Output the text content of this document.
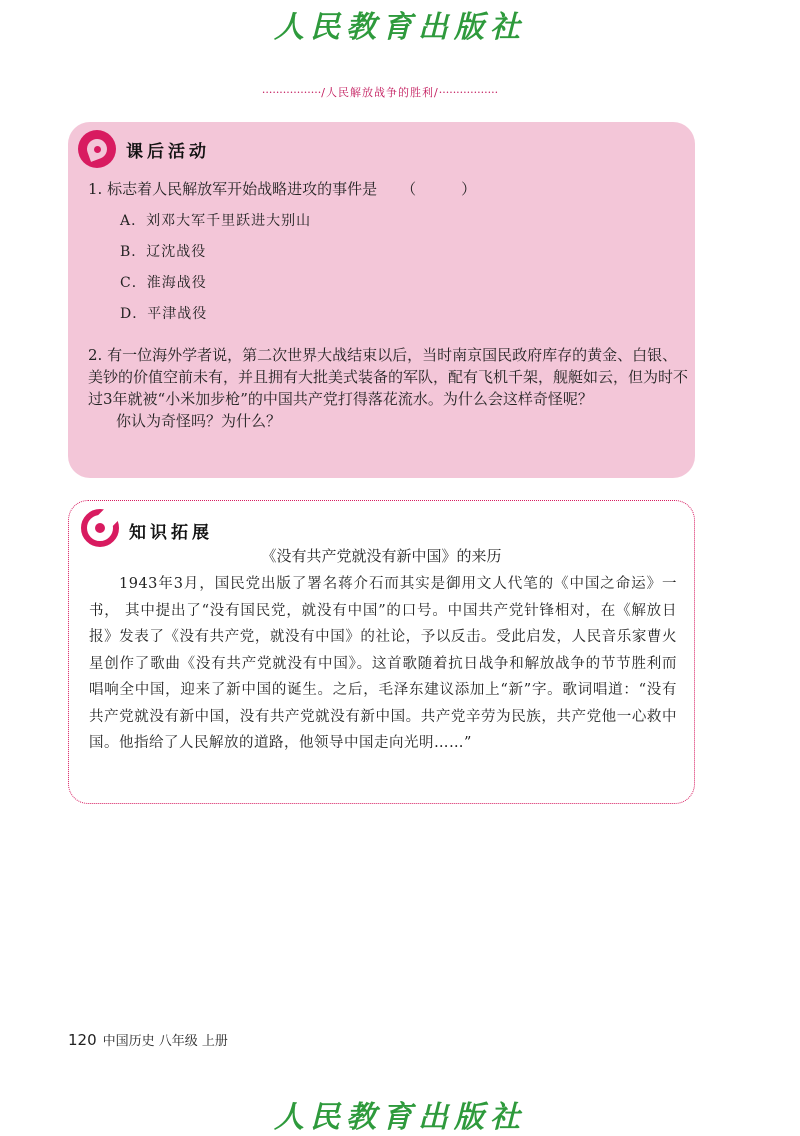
人民教育出版社
·················/人民解放战争的胜利/·················
课后活动
1. 标志着人民解放军开始战略进攻的事件是 （　　　）
A．刘邓大军千里跃进大别山
B．辽沈战役
C．淮海战役
D．平津战役

2. 有一位海外学者说，第二次世界大战结束以后，当时南京国民政府库存的黄金、白银、美钞的价值空前未有，并且拥有大批美式装备的军队，配有飞机千架，舰艇如云，但为时不过3年就被“小米加步枪”的中国共产党打得落花流水。为什么会这样奇怪呢？

你认为奇怪吗？为什么？

知识拓展
《没有共产党就没有新中国》的来历

1943年3月，国民党出版了署名蒋介石而其实是御用文人代笔的《中国之命运》一书， 其中提出了“没有国民党，就没有中国”的口号。中国共产党针锋相对，在《解放日报》发表了《没有共产党，就没有中国》的社论，予以反击。受此启发，人民音乐家曹火星创作了歌曲《没有共产党就没有中国》。这首歌随着抗日战争和解放战争的节节胜利而唱响全中国，迎来了新中国的诞生。之后，毛泽东建议添加上“新”字。歌词唱道：“没有共产党就没有新中国，没有共产党就没有新中国。共产党辛劳为民族，共产党他一心救中国。他指给了人民解放的道路，他领导中国走向光明……”

120 中国历史 八年级 上册
人民教育出版社
